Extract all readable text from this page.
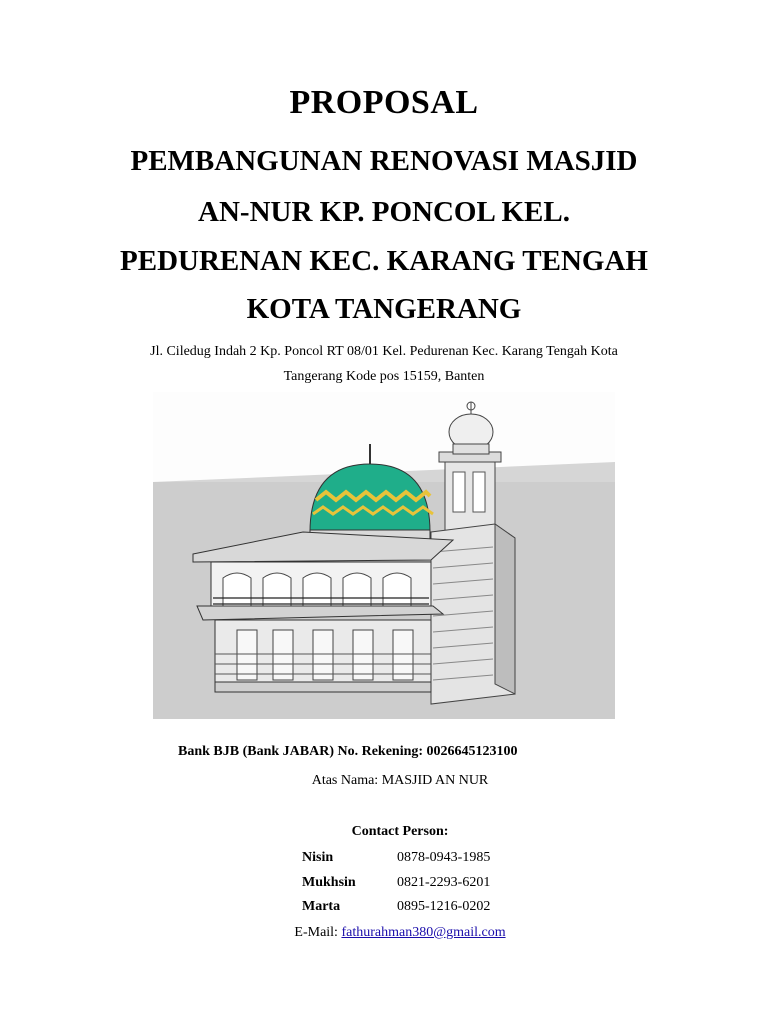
PROPOSAL
PEMBANGUNAN RENOVASI MASJID
AN-NUR KP. PONCOL KEL.
PEDURENAN KEC. KARANG TENGAH
KOTA TANGERANG
Jl. Ciledug Indah 2 Kp. Poncol RT 08/01 Kel. Pedurenan Kec. Karang Tengah Kota
Tangerang Kode pos 15159, Banten
Bank BJB (Bank JABAR) No. Rekening: 0026645123100
Atas Nama: MASJID AN NUR
Contact Person:
Nisin	0878-0943-1985
Mukhsin	0821-2293-6201
Marta	0895-1216-0202
E-Mail: fathurahman380@gmail.com
